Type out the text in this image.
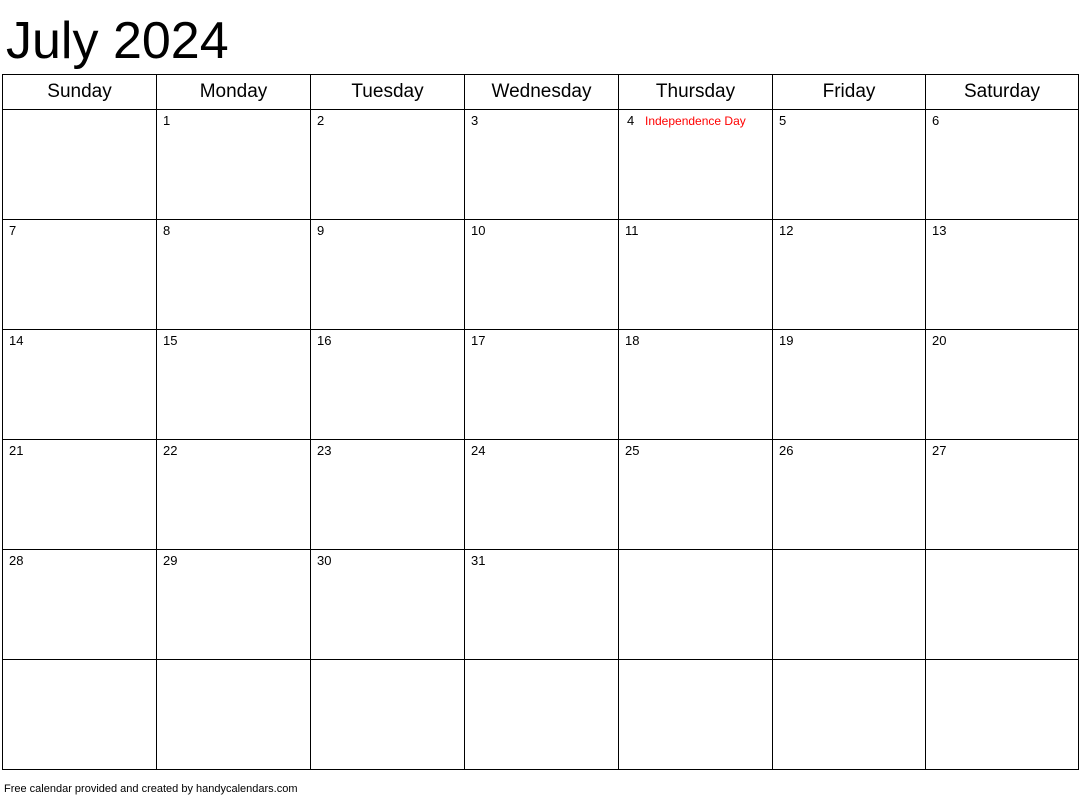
July 2024
Sunday	Monday	Tuesday	Wednesday	Thursday	Friday	Saturday

	1	2	3	4 Independence Day	5	6

7	8	9	10	11	12	13

14	15	16	17	18	19	20

21	22	23	24	25	26	27

28	29	30	31			

Free calendar provided and created by handycalendars.com
